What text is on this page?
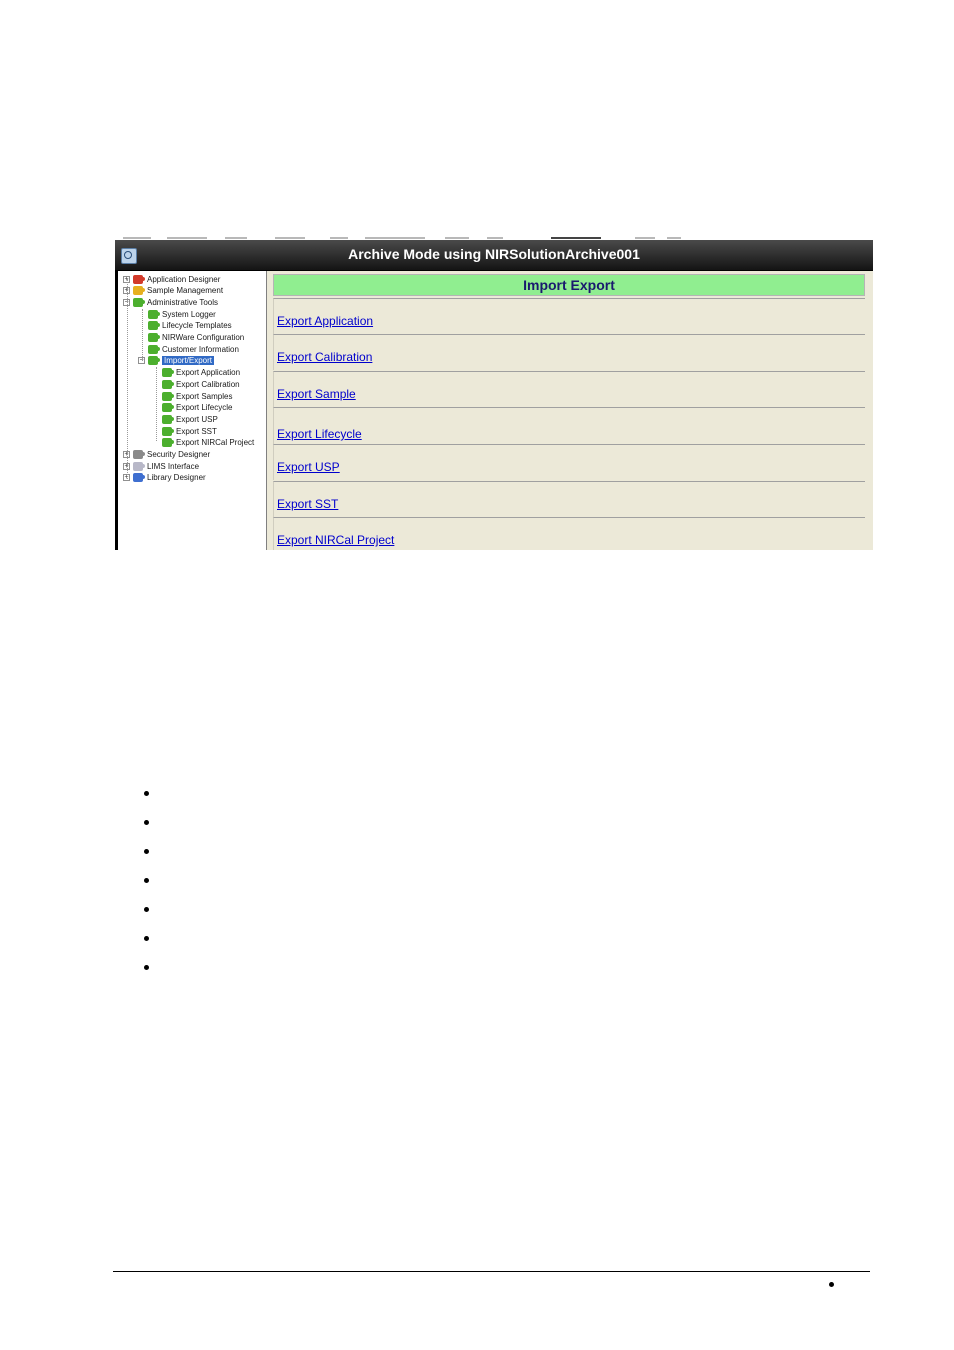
Archive Mode using NIRSolutionArchive001
+ Application Designer
+ Sample Management
− Administrative Tools
System Logger
Lifecycle Templates
NIRWare Configuration
Customer Information
−	Import/Export
Export Application
Export Calibration
Export Samples
Export Lifecycle
Export USP
Export SST
Export NIRCal Project
+ Security Designer
+ LIMS Interface
+ Library Designer
Import Export
Export Application
Export Calibration
Export Sample
Export Lifecycle
Export USP
Export SST
Export NIRCal Project
